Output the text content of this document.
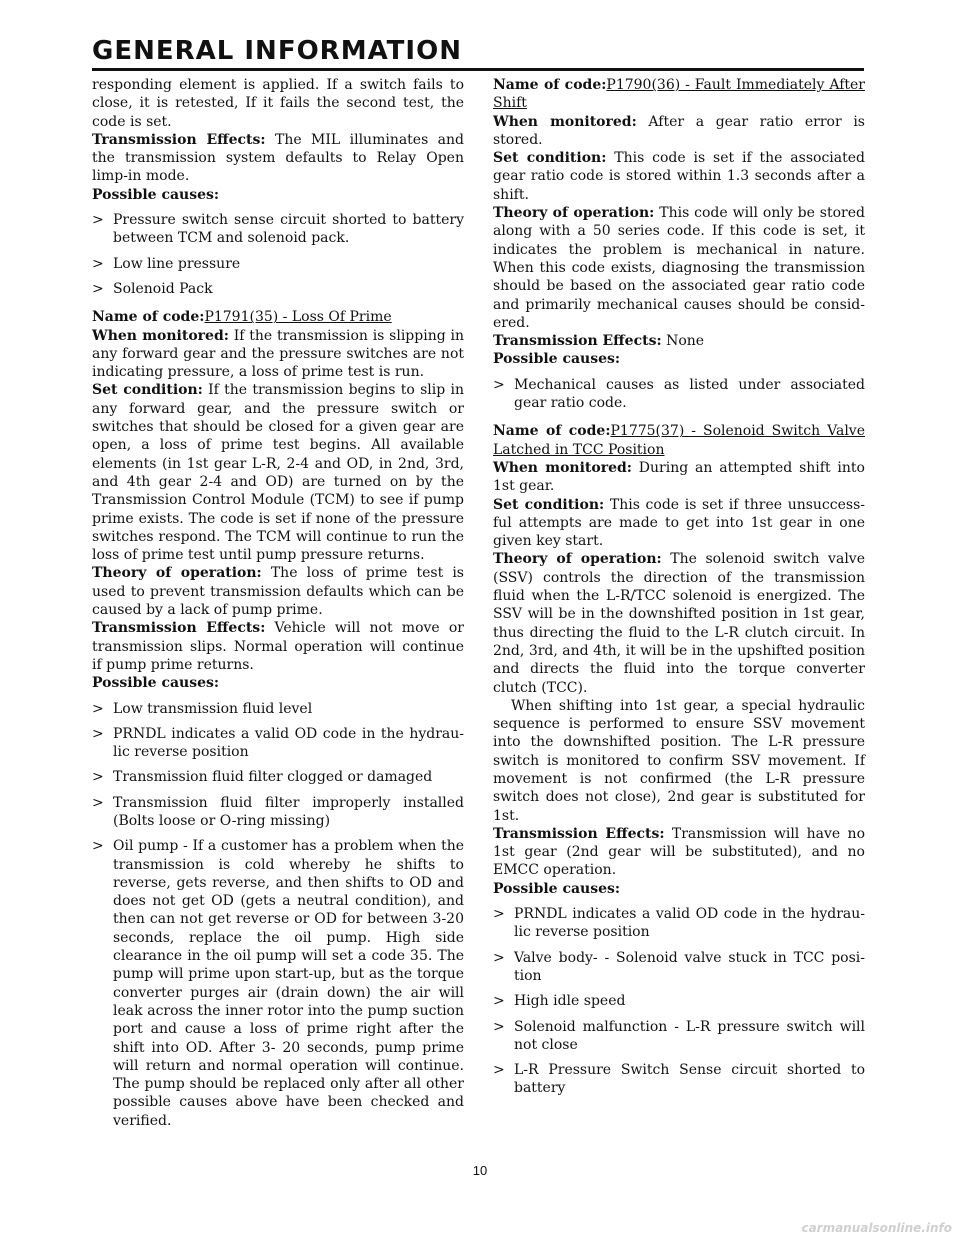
GENERAL INFORMATION

responding element is applied. If a switch fails to close, it is retested, If it fails the second test, the code is set.

Transmission Effects: The MIL illuminates and the transmission system defaults to Relay Open limp-in mode.

Possible causes:

> Pressure switch sense circuit shorted to battery between TCM and solenoid pack.
> Low line pressure
> Solenoid Pack

Name of code:P1791(35) - Loss Of Prime

When monitored: If the transmission is slipping in any forward gear and the pressure switches are not indicating pressure, a loss of prime test is run.

Set condition: If the transmission begins to slip in any forward gear, and the pressure switch or switches that should be closed for a given gear are open, a loss of prime test begins. All available elements (in 1st gear L-R, 2-4 and OD, in 2nd, 3rd, and 4th gear 2-4 and OD) are turned on by the Transmission Control Module (TCM) to see if pump prime exists. The code is set if none of the pressure switches respond. The TCM will continue to run the loss of prime test until pump pressure returns.

Theory of operation: The loss of prime test is used to prevent transmission defaults which can be caused by a lack of pump prime.

Transmission Effects: Vehicle will not move or transmission slips. Normal operation will continue if pump prime returns.

Possible causes:

> Low transmission fluid level
> PRNDL indicates a valid OD code in the hydrau- lic reverse position
> Transmission fluid filter clogged or damaged
> Transmission fluid filter improperly installed (Bolts loose or O-ring missing)
> Oil pump - If a customer has a problem when the transmission is cold whereby he shifts to reverse, gets reverse, and then shifts to OD and does not get OD (gets a neutral condition), and then can not get reverse or OD for between 3-20 seconds, replace the oil pump. High side clearance in the oil pump will set a code 35. The pump will prime upon start-up, but as the torque converter purges air (drain down) the air will leak across the inner rotor into the pump suction port and cause a loss of prime right after the shift into OD. After 3- 20 seconds, pump prime will return and normal operation will continue. The pump should be replaced only after all other possible causes above have been checked and verified.

Name of code:P1790(36) - Fault Immediately After Shift

When monitored: After a gear ratio error is stored.

Set condition: This code is set if the associated gear ratio code is stored within 1.3 seconds after a shift.

Theory of operation: This code will only be stored along with a 50 series code. If this code is set, it indicates the problem is mechanical in nature. When this code exists, diagnosing the transmission should be based on the associated gear ratio code and primarily mechanical causes should be consid- ered.

Transmission Effects: None

Possible causes:

> Mechanical causes as listed under associated gear ratio code.

Name of code:P1775(37) - Solenoid Switch Valve Latched in TCC Position

When monitored: During an attempted shift into 1st gear.

Set condition: This code is set if three unsuccess- ful attempts are made to get into 1st gear in one given key start.

Theory of operation: The solenoid switch valve (SSV) controls the direction of the transmission fluid when the L-R/TCC solenoid is energized. The SSV will be in the downshifted position in 1st gear, thus directing the fluid to the L-R clutch circuit. In 2nd, 3rd, and 4th, it will be in the upshifted position and directs the fluid into the torque converter clutch (TCC).

When shifting into 1st gear, a special hydraulic sequence is performed to ensure SSV movement into the downshifted position. The L-R pressure switch is monitored to confirm SSV movement. If movement is not confirmed (the L-R pressure switch does not close), 2nd gear is substituted for 1st.

Transmission Effects: Transmission will have no 1st gear (2nd gear will be substituted), and no EMCC operation.

Possible causes:

> PRNDL indicates a valid OD code in the hydrau- lic reverse position
> Valve body- - Solenoid valve stuck in TCC posi- tion
> High idle speed
> Solenoid malfunction - L-R pressure switch will not close
> L-R Pressure Switch Sense circuit shorted to battery
10
carmanualsonline.info
